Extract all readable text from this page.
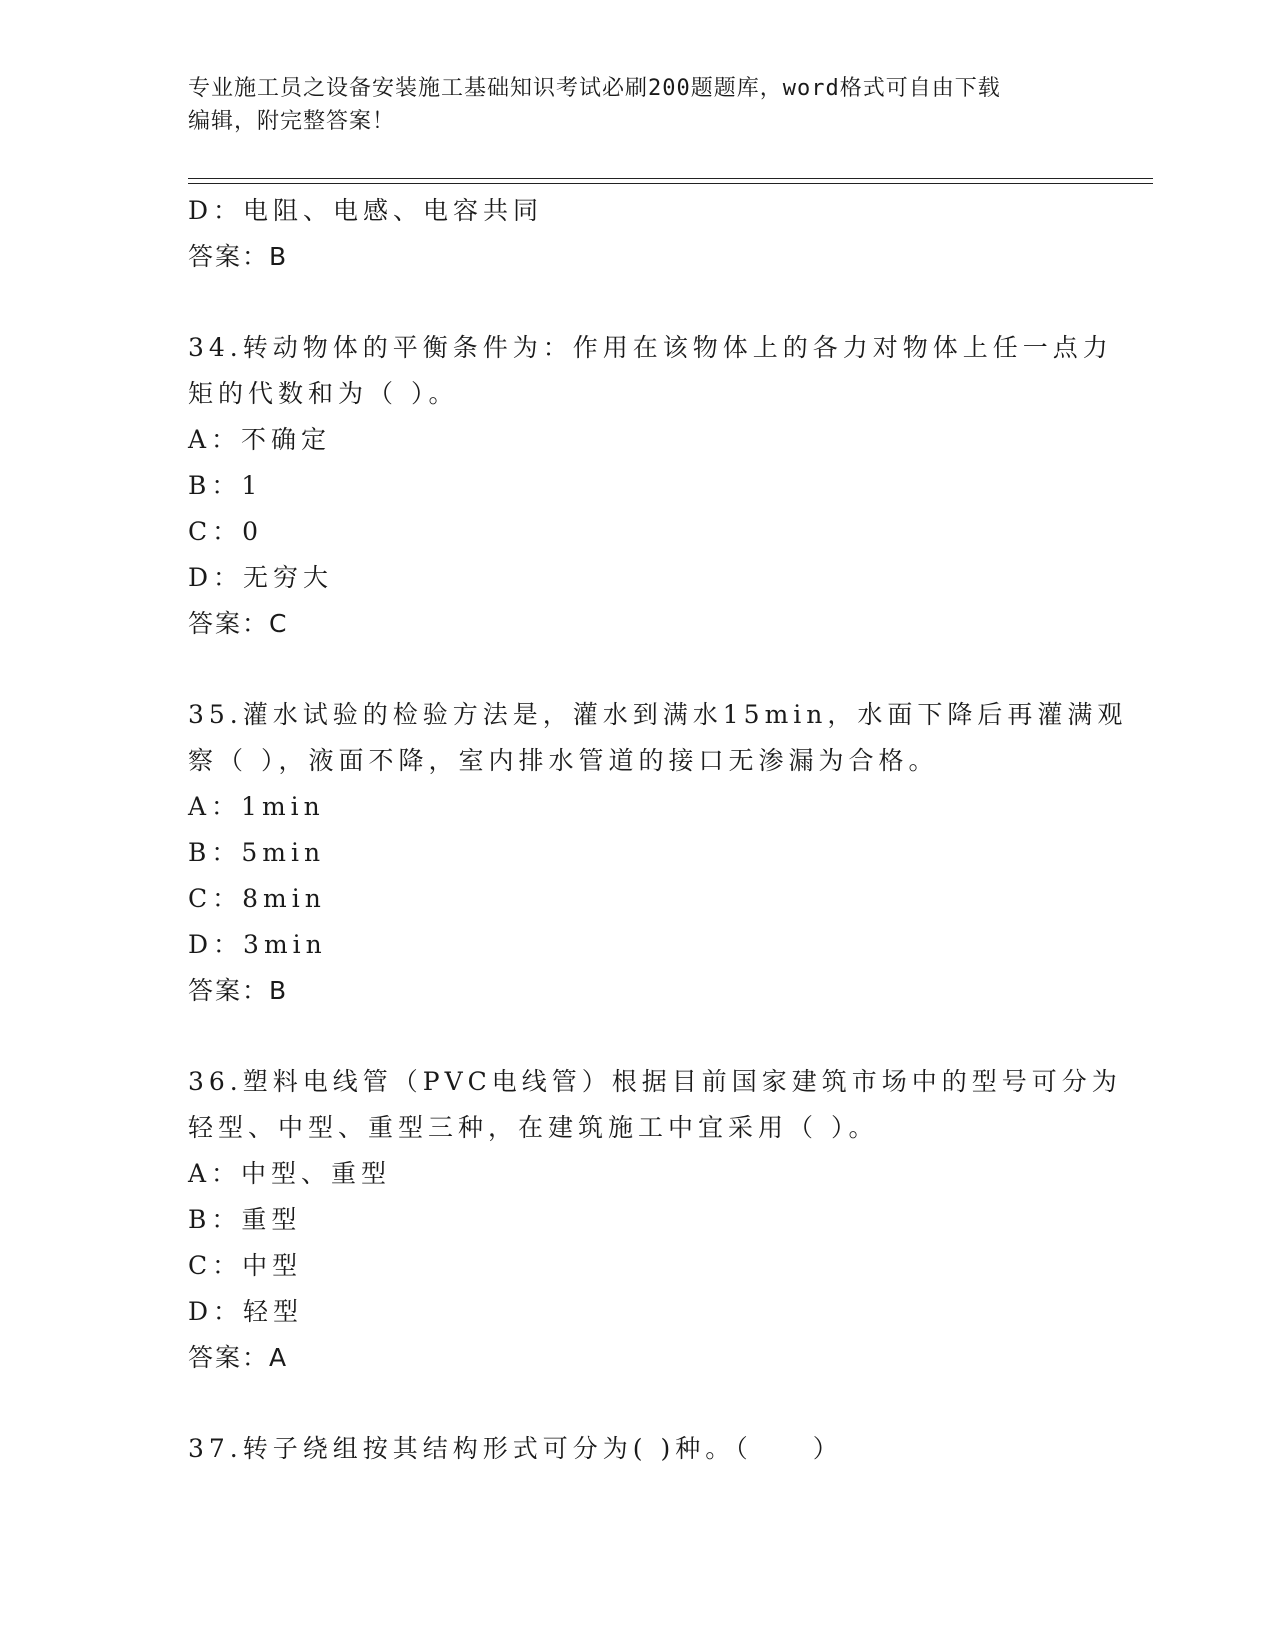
专业施工员之设备安装施工基础知识考试必刷200题题库，word格式可自由下载
编辑，附完整答案！
D：电阻、电感、电容共同
答案：B
34.转动物体的平衡条件为：作用在该物体上的各力对物体上任一点力
矩的代数和为（ ）。
A：不确定
B：1
C：0
D：无穷大
答案：C
35.灌水试验的检验方法是，灌水到满水15min，水面下降后再灌满观
察（ ），液面不降，室内排水管道的接口无渗漏为合格。
A：1min
B：5min
C：8min
D：3min
答案：B
36.塑料电线管（PVC电线管）根据目前国家建筑市场中的型号可分为
轻型、中型、重型三种，在建筑施工中宜采用（ ）。
A：中型、重型
B：重型
C：中型
D：轻型
答案：A
37.转子绕组按其结构形式可分为( )种。（　　）
